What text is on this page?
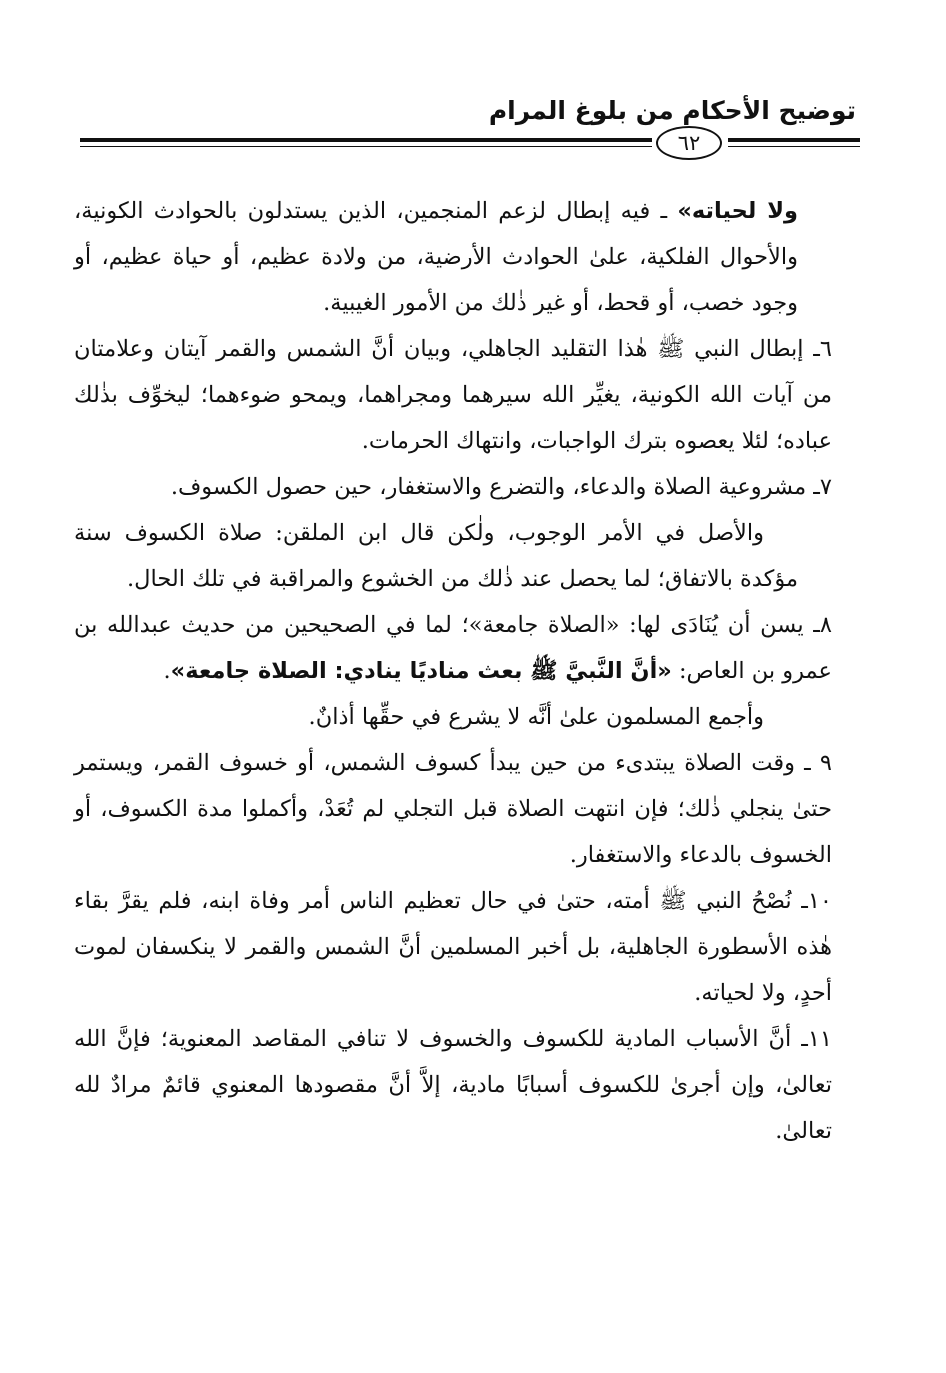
توضيح الأحكام من بلوغ المرام
٦٢

ولا لحياته» ـ فيه إبطال لزعم المنجمين، الذين يستدلون بالحوادث الكونية، والأحوال الفلكية، علىٰ الحوادث الأرضية، من ولادة عظيم، أو حياة عظيم، أو وجود خصب، أو قحط، أو غير ذٰلك من الأمور الغيبية.

٦ـ إبطال النبي ﷺ هٰذا التقليد الجاهلي، وبيان أنَّ الشمس والقمر آيتان وعلامتان من آيات الله الكونية، يغيِّر الله سيرهما ومجراهما، ويمحو ضوءهما؛ ليخوِّف بذٰلك عباده؛ لئلا يعصوه بترك الواجبات، وانتهاك الحرمات.

٧ـ مشروعية الصلاة والدعاء، والتضرع والاستغفار، حين حصول الكسوف.

والأصل في الأمر الوجوب، ولٰكن قال ابن الملقن: صلاة الكسوف سنة مؤكدة بالاتفاق؛ لما يحصل عند ذٰلك من الخشوع والمراقبة في تلك الحال.

٨ـ يسن أن يُنَادَى لها: «الصلاة جامعة»؛ لما في الصحيحين من حديث عبدالله بن عمرو بن العاص: «أنَّ النَّبيَّ ﷺ بعث مناديًا ينادي: الصلاة جامعة».

وأجمع المسلمون علىٰ أنَّه لا يشرع في حقِّها أذانٌ.

٩ ـ وقت الصلاة يبتدىء من حين يبدأ كسوف الشمس، أو خسوف القمر، ويستمر حتىٰ ينجلي ذٰلك؛ فإن انتهت الصلاة قبل التجلي لم تُعَدْ، وأكملوا مدة الكسوف، أو الخسوف بالدعاء والاستغفار.

١٠ـ نُصْحُ النبي ﷺ أمته، حتىٰ في حال تعظيم الناس أمر وفاة ابنه، فلم يقرَّ بقاء هٰذه الأسطورة الجاهلية، بل أخبر المسلمين أنَّ الشمس والقمر لا ينكسفان لموت أحدٍ، ولا لحياته.

١١ـ أنَّ الأسباب المادية للكسوف والخسوف لا تنافي المقاصد المعنوية؛ فإنَّ الله تعالىٰ، وإن أجرىٰ للكسوف أسبابًا مادية، إلاَّ أنَّ مقصودها المعنوي قائمٌ مرادٌ لله تعالىٰ.
